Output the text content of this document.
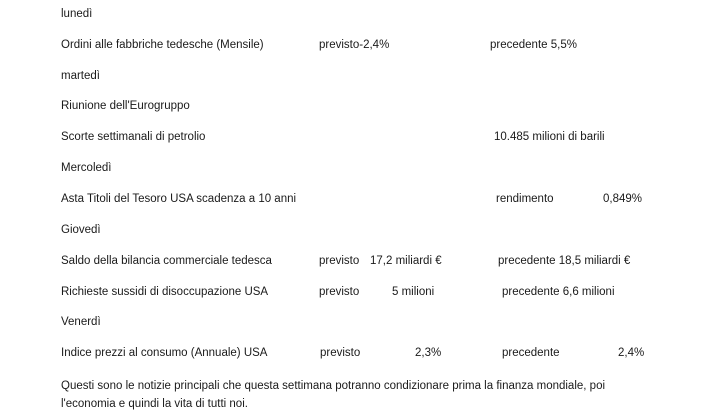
lunedì
Ordini alle fabbriche tedesche (Mensile)	previsto-2,4%	precedente 5,5%
martedì
Riunione dell'Eurogruppo
Scorte settimanali di petrolio	10.485 milioni di barili
Mercoledì
Asta Titoli del Tesoro USA scadenza a 10 anni	rendimento	0,849%
Giovedì
Saldo della bilancia commerciale tedesca	previsto 17,2 miliardi €	precedente 18,5 miliardi €
Richieste sussidi di disoccupazione USA	previsto	5 milioni	precedente 6,6 milioni
Venerdì
Indice prezzi al consumo (Annuale) USA	previsto	2,3%	precedente	2,4%
Questi sono le notizie principali che questa settimana potranno condizionare prima la finanza mondiale, poi
l'economia e quindi la vita di tutti noi.
